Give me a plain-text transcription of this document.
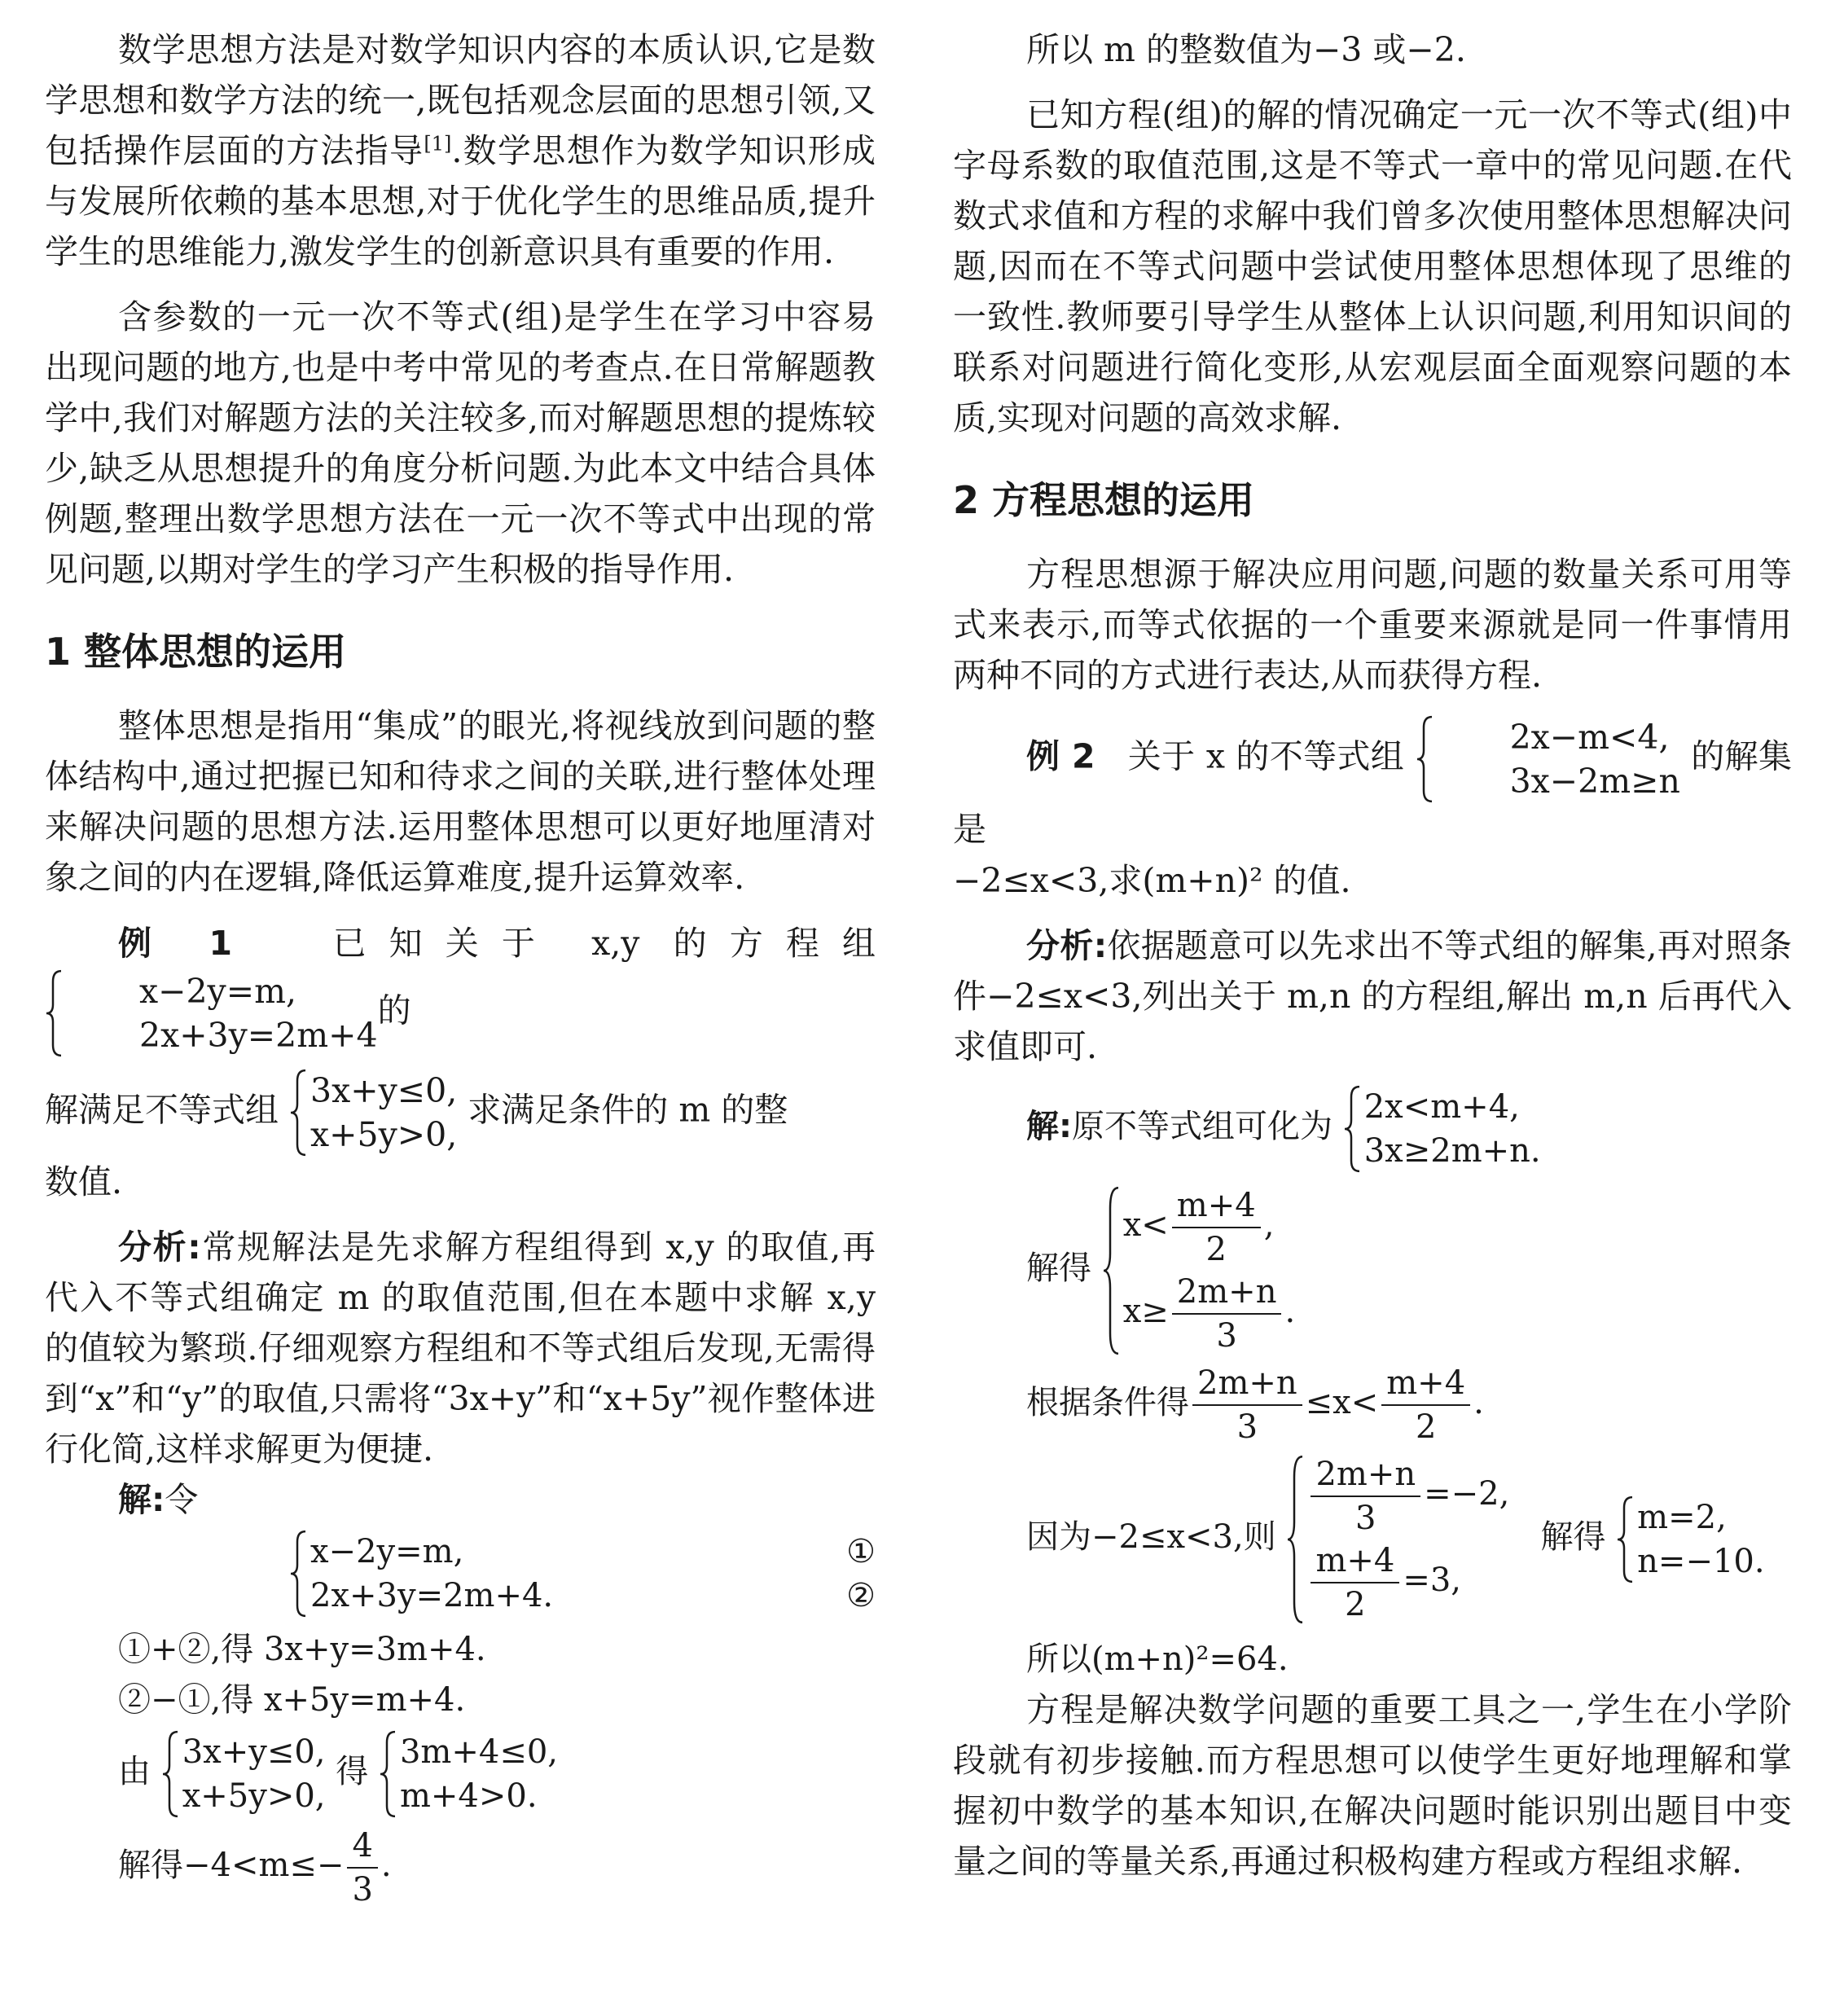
数学思想方法是对数学知识内容的本质认识,它是数学思想和数学方法的统一,既包括观念层面的思想引领,又包括操作层面的方法指导[1].数学思想作为数学知识形成与发展所依赖的基本思想,对于优化学生的思维品质,提升学生的思维能力,激发学生的创新意识具有重要的作用.

含参数的一元一次不等式(组)是学生在学习中容易出现问题的地方,也是中考中常见的考查点.在日常解题教学中,我们对解题方法的关注较多,而对解题思想的提炼较少,缺乏从思想提升的角度分析问题.为此本文中结合具体例题,整理出数学思想方法在一元一次不等式中出现的常见问题,以期对学生的学习产生积极的指导作用.

1 整体思想的运用

整体思想是指用“集成”的眼光,将视线放到问题的整体结构中,通过把握已知和待求之间的关联,进行整体处理来解决问题的思想方法.运用整体思想可以更好地厘清对象之间的内在逻辑,降低运算难度,提升运算效率.

例 1	已知关于 x,y 的方程组
x−2y=m,
2x+3y=2m+4
的

解满足不等式组 3x+y≤0,
x+5y>0,
求满足条件的 m 的整

数值.

分析:常规解法是先求解方程组得到 x,y 的取值,再代入不等式组确定 m 的取值范围,但在本题中求解 x,y 的值较为繁琐.仔细观察方程组和不等式组后发现,无需得到“x”和“y”的取值,只需将“3x+y”和“x+5y”视作整体进行化简,这样求解更为便捷.

解:令

x−2y=m,
2x+3y=2m+4.
①
②

①+②,得 3x+y=3m+4.

②−①,得 x+5y=m+4.

由
3x+y≤0,
x+5y>0,
得
3m+4≤0,
m+4>0.
解得$-4<m\le- \frac{4}{3}$ .

所以 m 的整数值为−3 或−2.

已知方程(组)的解的情况确定一元一次不等式(组)中字母系数的取值范围,这是不等式一章中的常见问题.在代数式求值和方程的求解中我们曾多次使用整体思想解决问题,因而在不等式问题中尝试使用整体思想体现了思维的一致性.教师要引导学生从整体上认识问题,利用知识间的联系对问题进行简化变形,从宏观层面全面观察问题的本质,实现对问题的高效求解.

2 方程思想的运用

方程思想源于解决应用问题,问题的数量关系可用等式来表示,而等式依据的一个重要来源就是同一件事情用两种不同的方式进行表达,从而获得方程.

例 2 关于 x 的不等式组	2x−m<4,
3x−2m≥n
的解集是

−2≤x<3,求(m+n)² 的值.

分析:依据题意可以先求出不等式组的解集,再对照条件−2≤x<3,列出关于 m,n 的方程组,解出 m,n 后再代入求值即可.

解:原不等式组可化为
2x<m+4,
3x≥2m+n.
解得
$x< \frac{m+4}{2}$ ,
$x\ge \frac{2m+n}{3}$ .
根据条件得 $\frac{2m+n}{3} \le x< \frac{m+4}{2}$ .
因为−2≤x<3,则
$\frac{2m+n}{3} =-2$,
$\frac{m+4}{2} =3$,
解得
m=2,
n=−10.

所以(m+n)²=64.

方程是解决数学问题的重要工具之一,学生在小学阶段就有初步接触.而方程思想可以使学生更好地理解和掌握初中数学的基本知识,在解决问题时能识别出题目中变量之间的等量关系,再通过积极构建方程或方程组求解.
